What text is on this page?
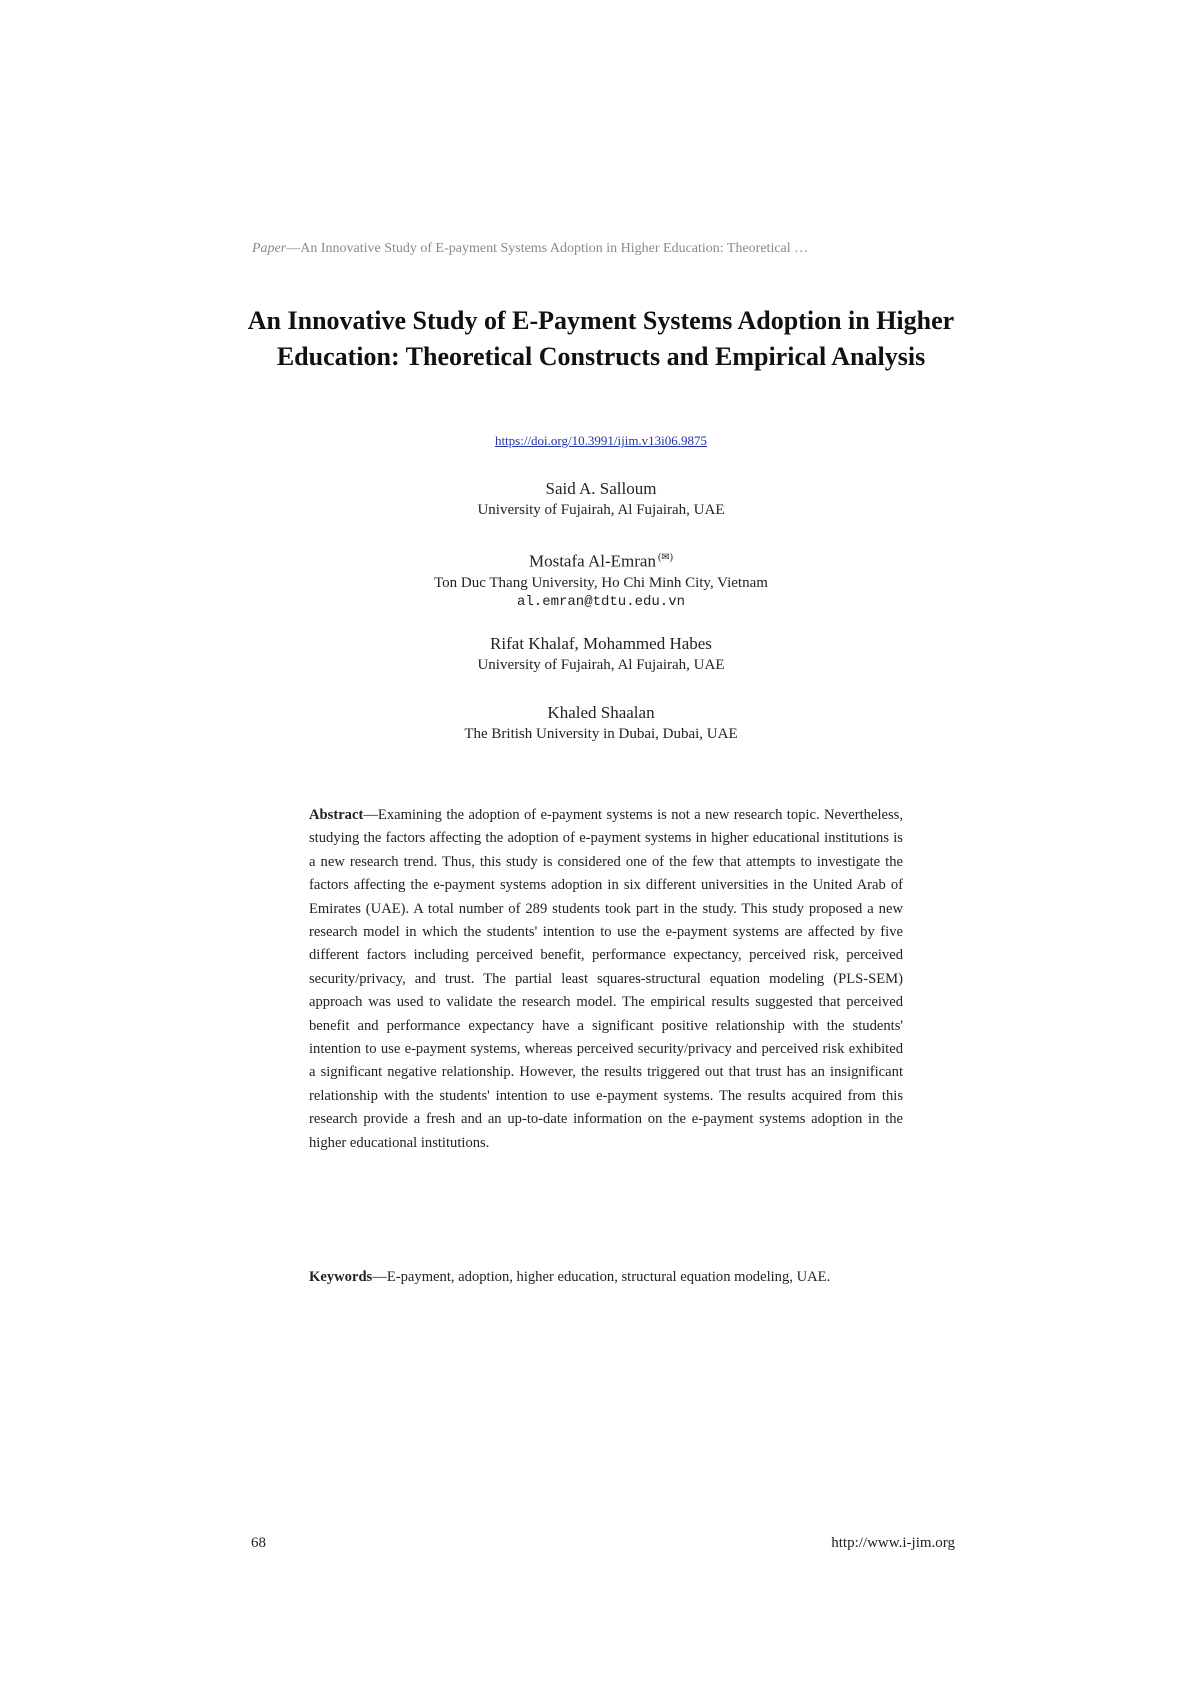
Paper—An Innovative Study of E-payment Systems Adoption in Higher Education: Theoretical …
An Innovative Study of E-Payment Systems Adoption in Higher Education: Theoretical Constructs and Empirical Analysis
https://doi.org/10.3991/ijim.v13i06.9875
Said A. Salloum
University of Fujairah, Al Fujairah, UAE
Mostafa Al-Emran (✉)
Ton Duc Thang University, Ho Chi Minh City, Vietnam
al.emran@tdtu.edu.vn
Rifat Khalaf, Mohammed Habes
University of Fujairah, Al Fujairah, UAE
Khaled Shaalan
The British University in Dubai, Dubai, UAE

Abstract—Examining the adoption of e-payment systems is not a new research topic. Nevertheless, studying the factors affecting the adoption of e-payment systems in higher educational institutions is a new research trend. Thus, this study is considered one of the few that attempts to investigate the factors affecting the e-payment systems adoption in six different universities in the United Arab of Emirates (UAE). A total number of 289 students took part in the study. This study proposed a new research model in which the students' intention to use the e-payment systems are affected by five different factors including perceived benefit, performance expectancy, perceived risk, perceived security/privacy, and trust. The partial least squares-structural equation modeling (PLS-SEM) approach was used to validate the research model. The empirical results suggested that perceived benefit and performance expectancy have a significant positive relationship with the students' intention to use e-payment systems, whereas perceived security/privacy and perceived risk exhibited a significant negative relationship. However, the results triggered out that trust has an insignificant relationship with the students' intention to use e-payment systems. The results acquired from this research provide a fresh and an up-to-date information on the e-payment systems adoption in the higher educational institutions.

Keywords—E-payment, adoption, higher education, structural equation modeling, UAE.

68	http://www.i-jim.org
